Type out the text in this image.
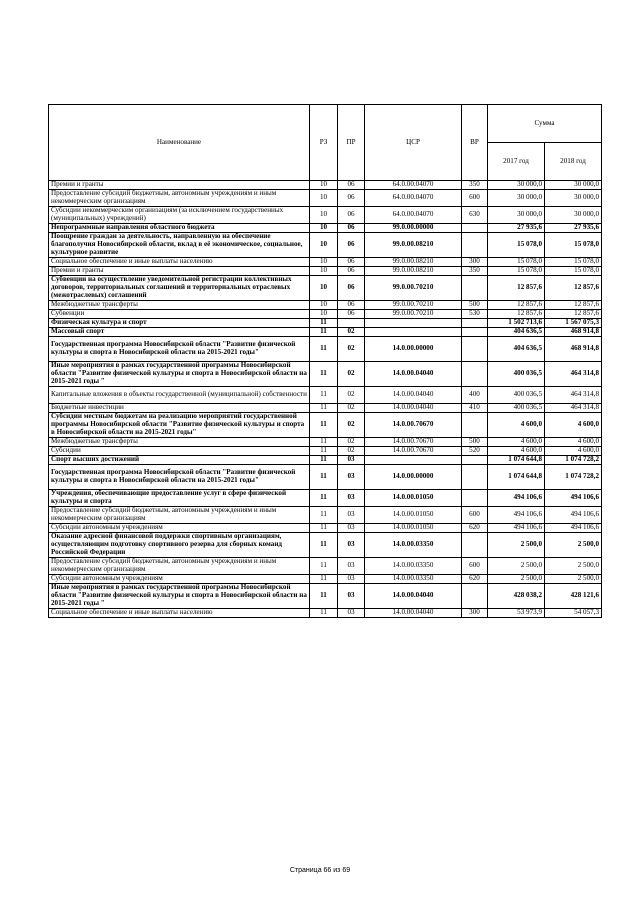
Наименование	РЗ	ПР	ЦСР	ВР	Сумма	
					2017 год	2018 год
Премии и гранты	10	06	64.0.00.04070	350	30 000,0	30 000,0
Предоставление субсидий бюджетным, автономным учреждениям и иным некоммерческим организациям	10	06	64.0.00.04070	600	30 000,0	30 000,0
Субсидии некоммерческим организациям (за исключением государственных (муниципальных) учреждений)	10	06	64.0.00.04070	630	30 000,0	30 000,0
Непрограммные направления областного бюджета	10	06	99.0.00.00000		27 935,6	27 935,6
Поощрение граждан за деятельность, направленную на обеспечение благополучия Новосибирской области, вклад в её экономическое, социальное, культурное развитие	10	06	99.0.00.08210		15 078,0	15 078,0
Социальное обеспечение и иные выплаты населению	10	06	99.0.00.08210	300	15 078,0	15 078,0
Премии и гранты	10	06	99.0.00.08210	350	15 078,0	15 078,0
Субвенции на осуществление уведомительной регистрации коллективных договоров, территориальных соглашений и территориальных отраслевых (межотраслевых) соглашений	10	06	99.0.00.70210		12 857,6	12 857,6
Межбюджетные трансферты	10	06	99.0.00.70210	500	12 857,6	12 857,6
Субвенции	10	06	99.0.00.70210	530	12 857,6	12 857,6
Физическая культура и спорт	11				1 502 713,6	1 567 075,3
Массовый спорт	11	02			404 636,5	468 914,8
Государственная программа Новосибирской области "Развитие физической культуры и спорта в Новосибирской области на 2015-2021 годы"	11	02	14.0.00.00000		404 636,5	468 914,8
Иные мероприятия в рамках государственной программы Новосибирской области "Развитие физической культуры и спорта в Новосибирской области на 2015-2021 годы "	11	02	14.0.00.04040		400 036,5	464 314,8
Капитальные вложения в объекты государственной (муниципальной) собственности	11	02	14.0.00.04040	400	400 036,5	464 314,8
Бюджетные инвестиции	11	02	14.0.00.04040	410	400 036,5	464 314,8
Субсидии местным бюджетам на реализацию мероприятий государственной программы Новосибирской области "Развитие физической культуры и спорта в Новосибирской области на 2015-2021 годы"	11	02	14.0.00.70670		4 600,0	4 600,0
Межбюджетные трансферты	11	02	14.0.00.70670	500	4 600,0	4 600,0
Субсидии	11	02	14.0.00.70670	520	4 600,0	4 600,0
Спорт высших достижений	11	03			1 074 644,8	1 074 728,2
Государственная программа Новосибирской области "Развитие физической культуры и спорта в Новосибирской области на 2015-2021 годы"	11	03	14.0.00.00000		1 074 644,8	1 074 728,2
Учреждения, обеспечивающие предоставление услуг в сфере физической культуры и спорта	11	03	14.0.00.01050		494 106,6	494 106,6
Предоставление субсидий бюджетным, автономным учреждениям и иным некоммерческим организациям	11	03	14.0.00.01050	600	494 106,6	494 106,6
Субсидии автономным учреждениям	11	03	14.0.00.01050	620	494 106,6	494 106,6
Оказание адресной финансовой поддержки спортивным организациям, осуществляющим подготовку спортивного резерва для сборных команд Российской Федерации	11	03	14.0.00.03350		2 500,0	2 500,0
Предоставление субсидий бюджетным, автономным учреждениям и иным некоммерческим организациям	11	03	14.0.00.03350	600	2 500,0	2 500,0
Субсидии автономным учреждениям	11	03	14.0.00.03350	620	2 500,0	2 500,0
Иные мероприятия в рамках государственной программы Новосибирской области "Развитие физической культуры и спорта в Новосибирской области на 2015-2021 годы "	11	03	14.0.00.04040		428 038,2	428 121,6
Социальное обеспечение и иные выплаты населению	11	03	14.0.00.04040	300	53 973,9	54 057,3
Страница 66 из 69
